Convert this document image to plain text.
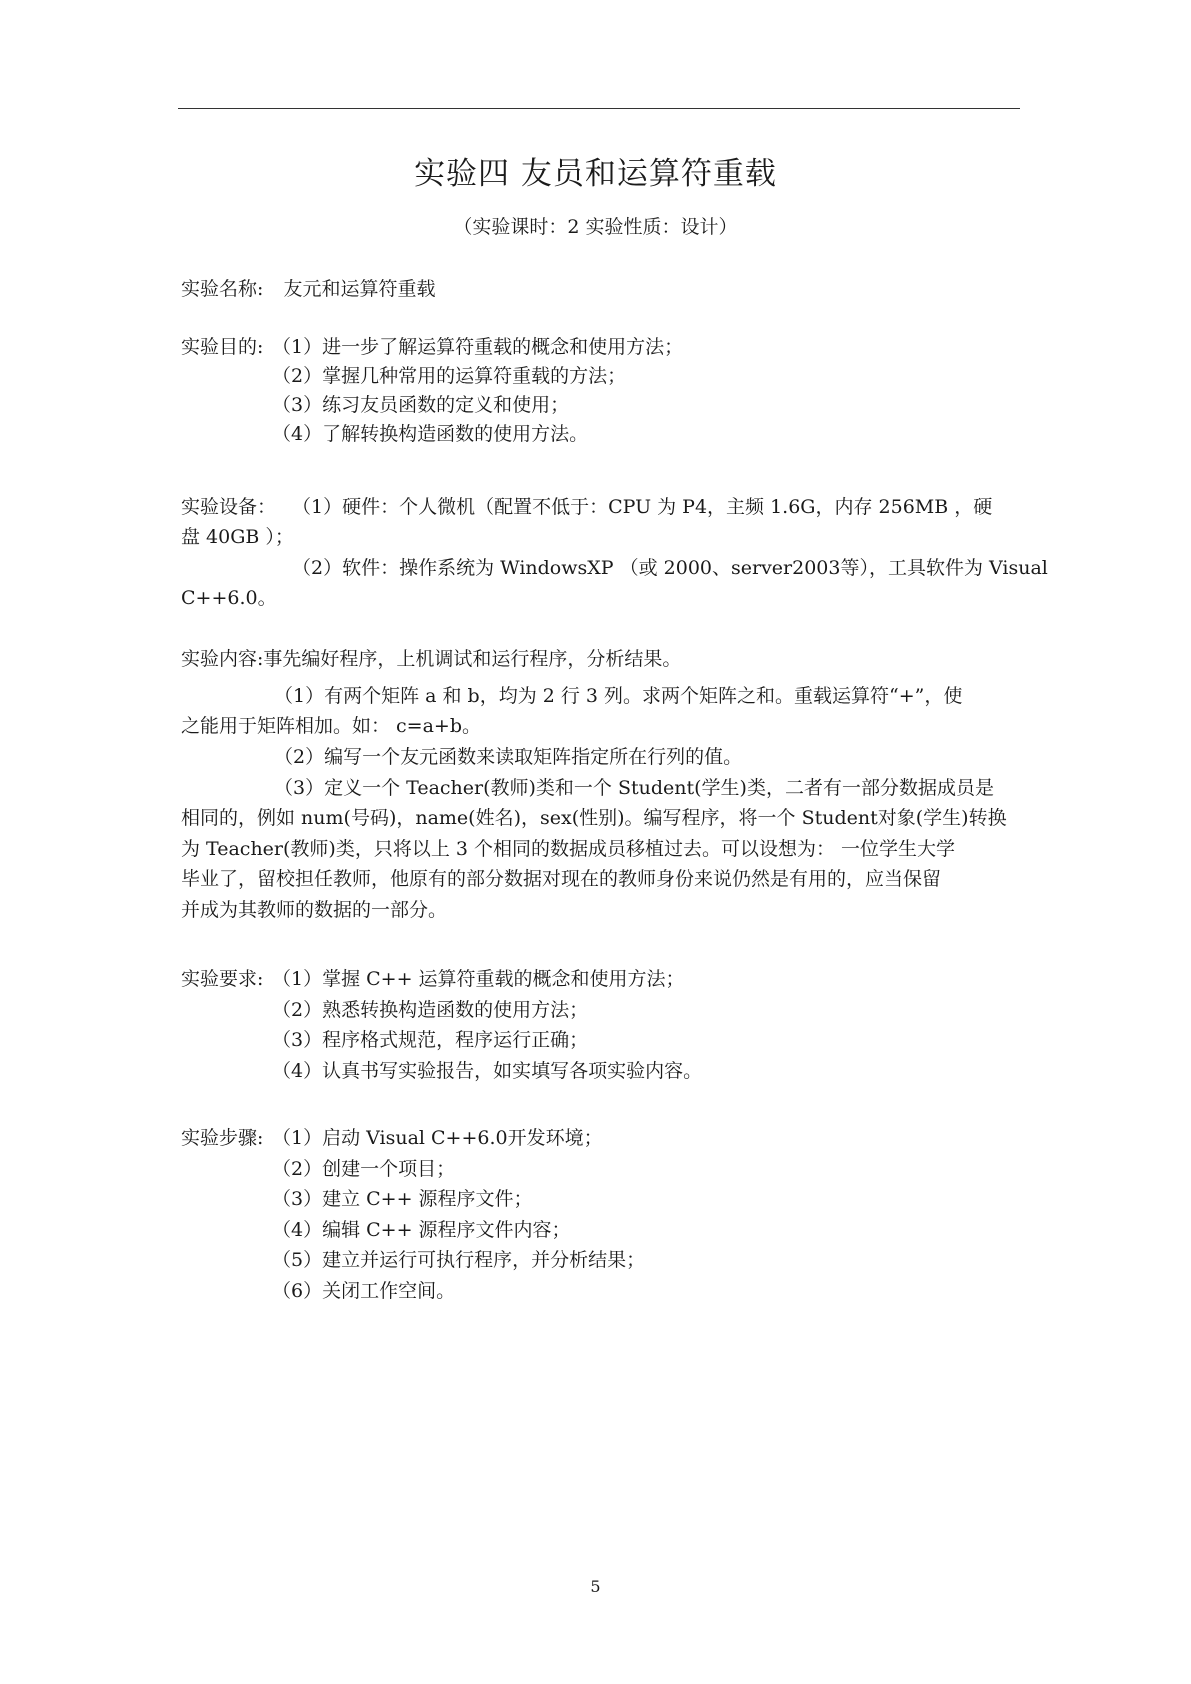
实验四 友员和运算符重载
（实验课时：2 实验性质：设计）
实验名称: 友元和运算符重载
实验目的: （1）进一步了解运算符重载的概念和使用方法；
（2）掌握几种常用的运算符重载的方法；
（3）练习友员函数的定义和使用；
（4）了解转换构造函数的使用方法。
实验设备： （1）硬件：个人微机（配置不低于：CPU 为 P4，主频 1.6G，内存 256MB ，硬
盘 40GB ）；
（2）软件：操作系统为 WindowsXP （或 2000、server2003等），工具软件为 Visual
C++6.0。
实验内容:事先编好程序，上机调试和运行程序，分析结果。
（1）有两个矩阵 a 和 b，均为 2 行 3 列。求两个矩阵之和。重载运算符“+”，使
之能用于矩阵相加。如： c=a+b。
（2）编写一个友元函数来读取矩阵指定所在行列的值。
（3）定义一个 Teacher(教师)类和一个 Student(学生)类，二者有一部分数据成员是
相同的，例如 num(号码)，name(姓名)，sex(性别)。编写程序，将一个 Student对象(学生)转换
为 Teacher(教师)类，只将以上 3 个相同的数据成员移植过去。可以设想为： 一位学生大学
毕业了，留校担任教师，他原有的部分数据对现在的教师身份来说仍然是有用的，应当保留
并成为其教师的数据的一部分。
实验要求: （1）掌握 C++ 运算符重载的概念和使用方法；
（2）熟悉转换构造函数的使用方法；
（3）程序格式规范，程序运行正确；
（4）认真书写实验报告，如实填写各项实验内容。
实验步骤: （1）启动 Visual C++6.0开发环境；
（2）创建一个项目；
（3）建立 C++ 源程序文件；
（4）编辑 C++ 源程序文件内容；
（5）建立并运行可执行程序，并分析结果；
（6）关闭工作空间。
5
